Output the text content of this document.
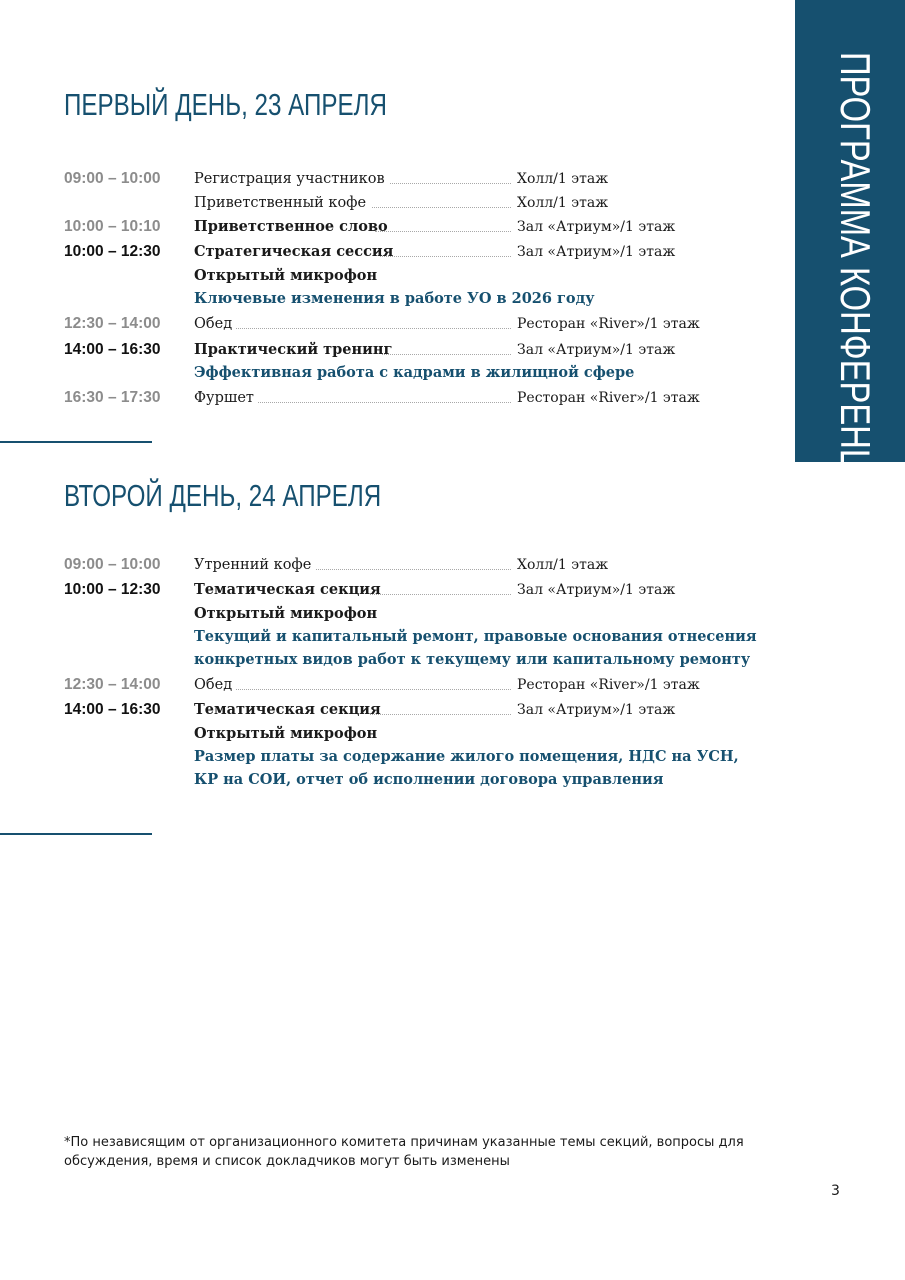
ПРОГРАММА КОНФЕРЕНЦИИ*
ПЕРВЫЙ ДЕНЬ, 23 АПРЕЛЯ
09:00 – 10:00 Регистрация участников	Холл/1 этаж
Приветственный кофе	Холл/1 этаж
10:00 – 10:10 Приветственное слово	Зал «Атриум»/1 этаж
10:00 – 12:30 Стратегическая сессия	Зал «Атриум»/1 этаж
Открытый микрофон
Ключевые изменения в работе УО в 2026 году
12:30 – 14:00 Обед	Ресторан «River»/1 этаж
14:00 – 16:30 Практический тренинг	Зал «Атриум»/1 этаж
Эффективная работа с кадрами в жилищной сфере
16:30 – 17:30 Фуршет	Ресторан «River»/1 этаж
ВТОРОЙ ДЕНЬ, 24 АПРЕЛЯ
09:00 – 10:00 Утренний кофе	Холл/1 этаж
10:00 – 12:30 Тематическая секция	Зал «Атриум»/1 этаж
Открытый микрофон
Текущий и капитальный ремонт, правовые основания отнесения
конкретных видов работ к текущему или капитальному ремонту
12:30 – 14:00 Обед	Ресторан «River»/1 этаж
14:00 – 16:30 Тематическая секция	Зал «Атриум»/1 этаж
Открытый микрофон
Размер платы за содержание жилого помещения, НДС на УСН,
КР на СОИ, отчет об исполнении договора управления
*По независящим от организационного комитета причинам указанные темы секций, вопросы для обсуждения, время и список докладчиков могут быть изменены
3
